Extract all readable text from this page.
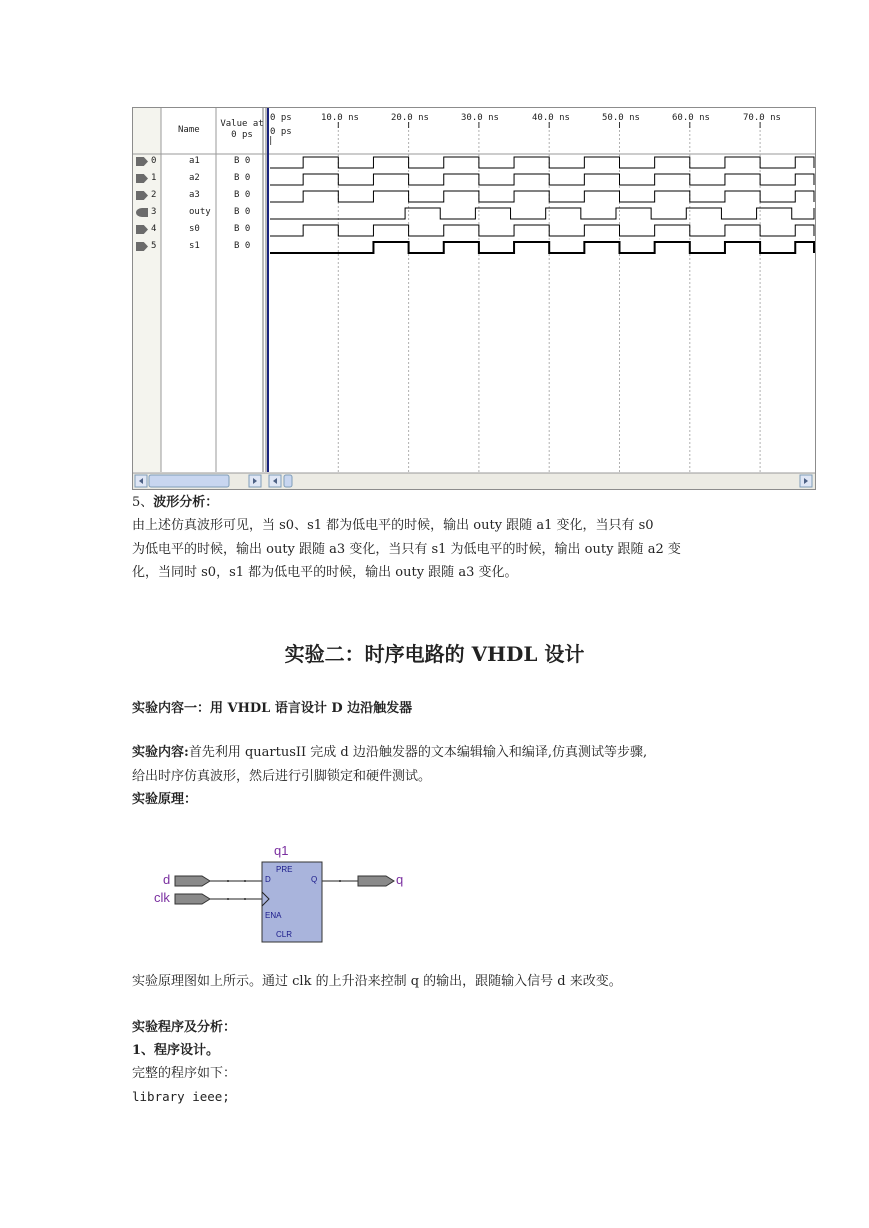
Name
Value at
0 ps	0 ps
|
0 ps	10.0 ns	20.0 ns	30.0 ns	40.0 ns	50.0 ns	60.0 ns	70.0 ns
0	a1	B 0
1	a2	B 0
2	a3	B 0
3	outy	B 0
4	s0	B 0
5	s1	B 0
5、波形分析：
由上述仿真波形可见，当 s0、s1 都为低电平的时候，输出 outy 跟随 a1 变化，当只有 s0
为低电平的时候，输出 outy 跟随 a3 变化，当只有 s1 为低电平的时候，输出 outy 跟随 a2 变
化，当同时 s0，s1 都为低电平的时候，输出 outy 跟随 a3 变化。
实验二：时序电路的 VHDL 设计
实验内容一：用 VHDL 语言设计 D 边沿触发器
实验内容:首先利用 quartusII 完成 d 边沿触发器的文本编辑输入和编译,仿真测试等步骤,
给出时序仿真波形，然后进行引脚锁定和硬件测试。
实验原理：
q1
PRE
D	Q
ENA
CLR
d
clk
q
实验原理图如上所示。通过 clk 的上升沿来控制 q 的输出，跟随输入信号 d 来改变。
实验程序及分析：
1、程序设计。
完整的程序如下：
library ieee;
